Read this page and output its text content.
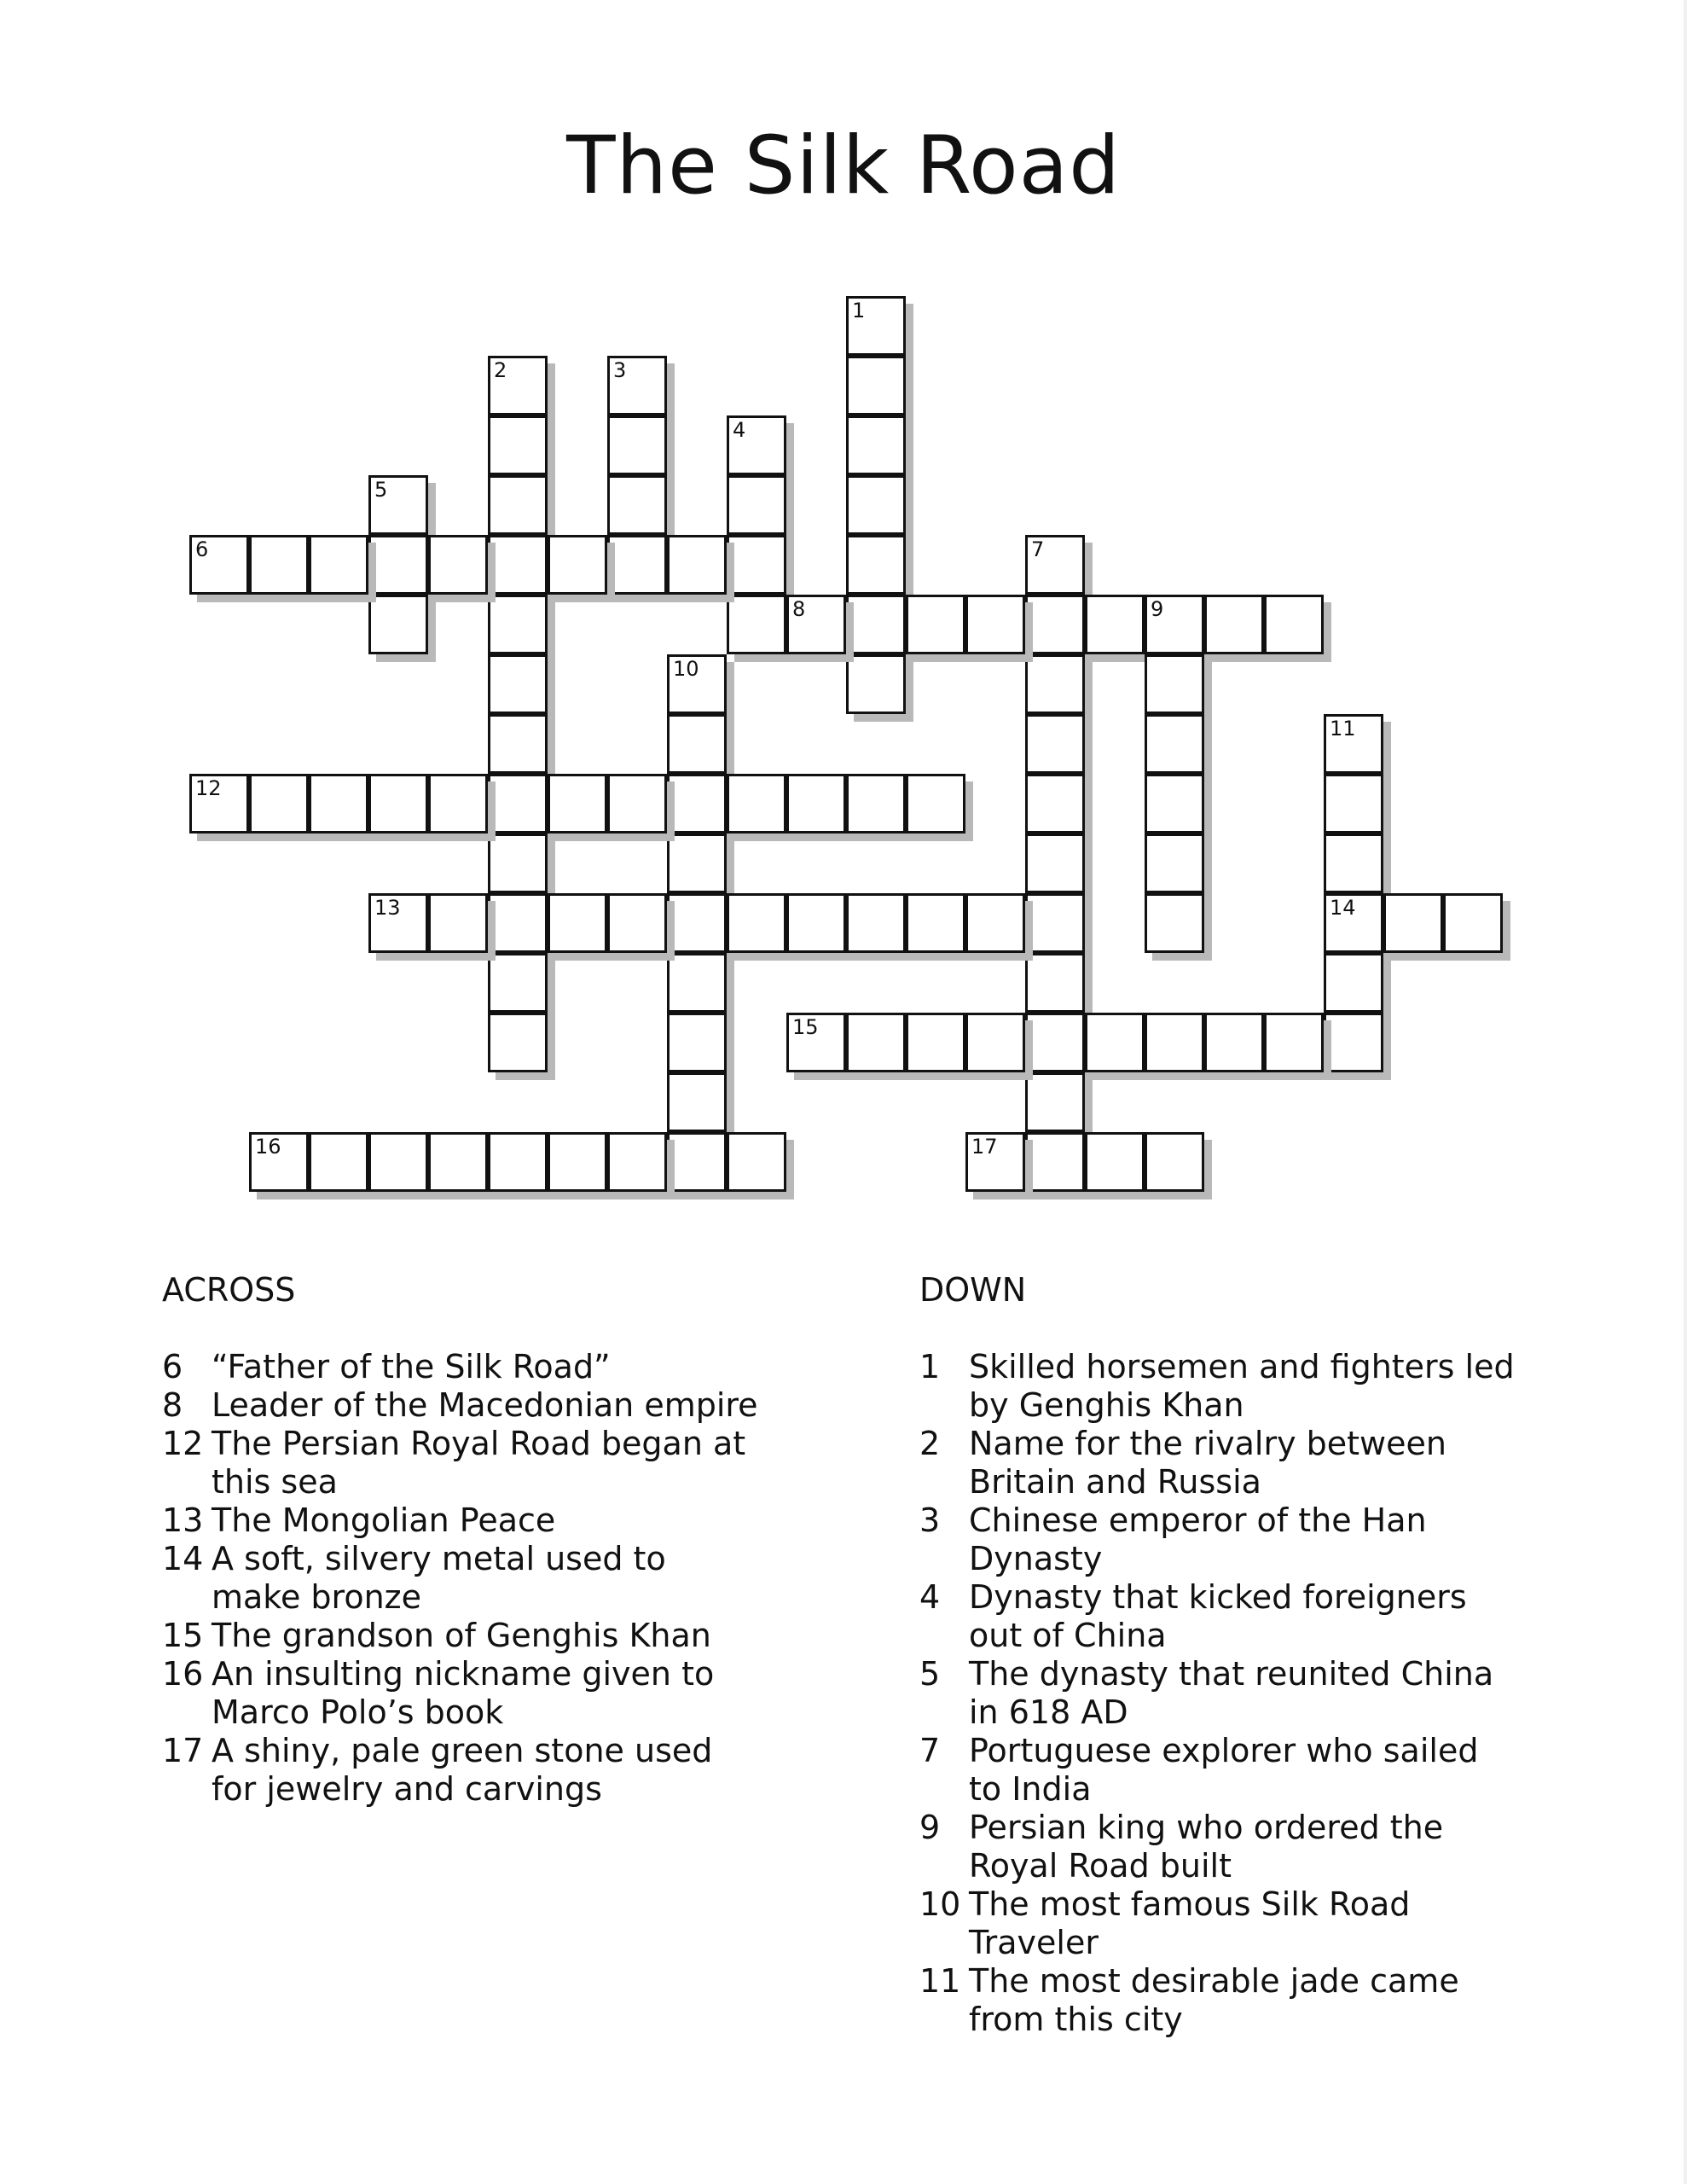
The Silk Road
1
2	3
4
5
6	7
8	9
10
11
14
12
13
15
16	17
ACROSS
6 “Father of the Silk Road”
8 Leader of the Macedonian empire
12 The Persian Royal Road began at this sea
13 The Mongolian Peace
14 A soft, silvery metal used to make bronze
15 The grandson of Genghis Khan
16 An insulting nickname given to Marco Polo’s book
17 A shiny, pale green stone used for jewelry and carvings
DOWN
1 Skilled horsemen and fighters led by Genghis Khan
2 Name for the rivalry between Britain and Russia
3 Chinese emperor of the Han Dynasty
4 Dynasty that kicked foreigners out of China
5 The dynasty that reunited China in 618 AD
7 Portuguese explorer who sailed to India
9 Persian king who ordered the Royal Road built
10 The most famous Silk Road Traveler
11 The most desirable jade came from this city
